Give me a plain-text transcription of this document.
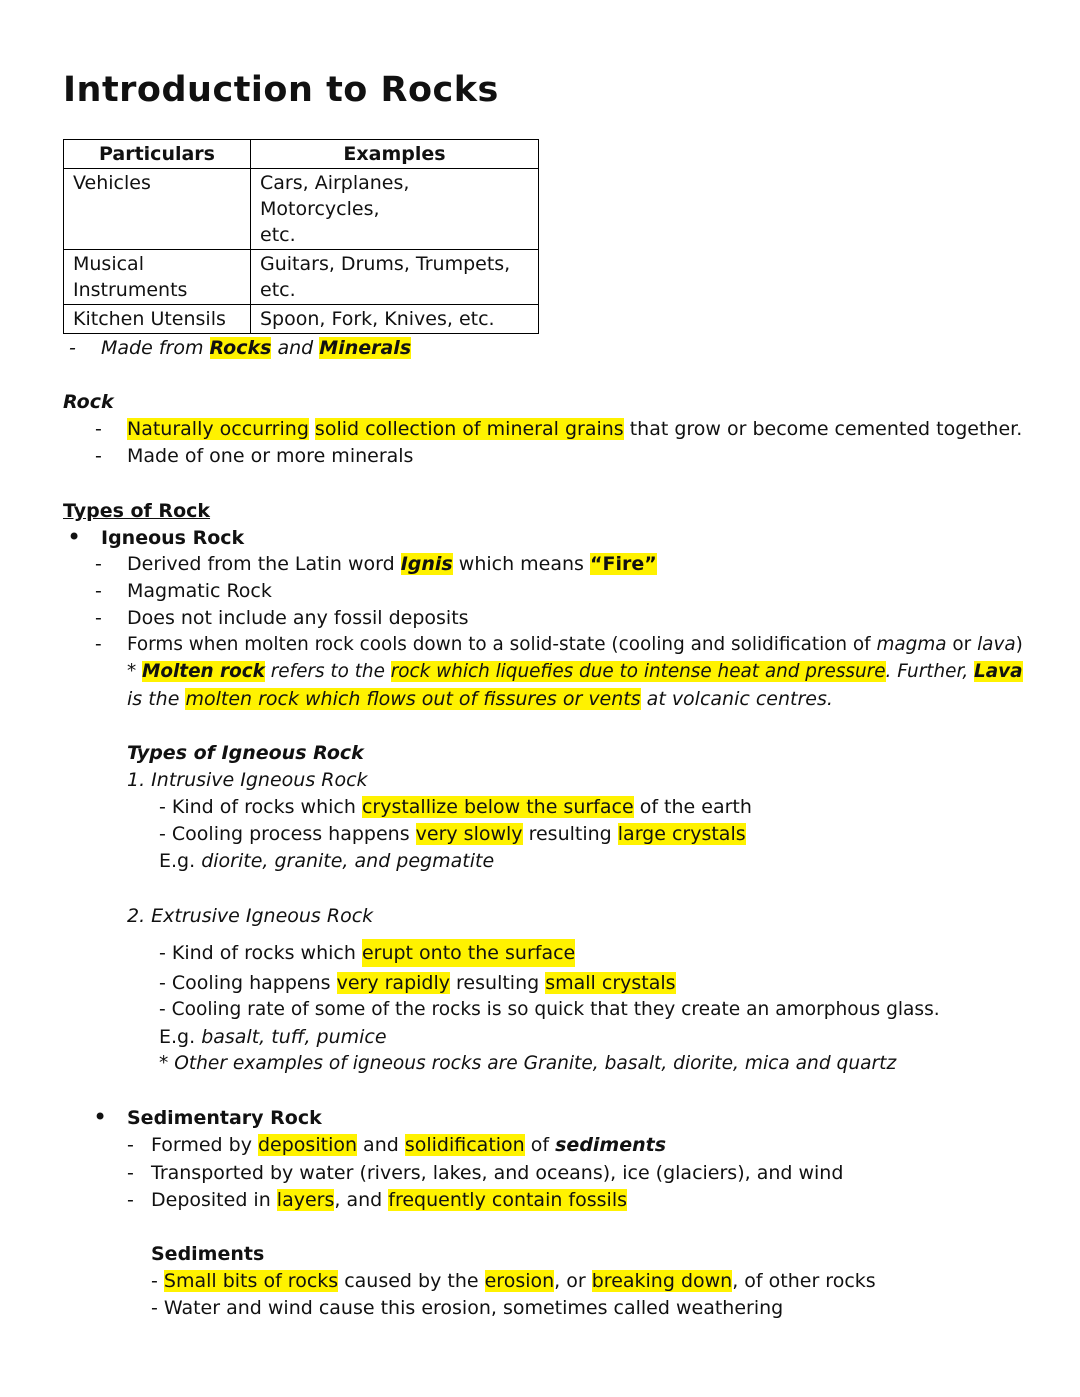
Introduction to Rocks
Particulars	Examples
Vehicles	Cars, Airplanes, Motorcycles,
etc.
Musical
Instruments	Guitars, Drums, Trumpets,
etc.
Kitchen Utensils	Spoon, Fork, Knives, etc.
- Made from Rocks and Minerals
Rock
- Naturally occurring solid collection of mineral grains that grow or become cemented together.
- Made of one or more minerals
Types of Rock
• Igneous Rock
- Derived from the Latin word Ignis which means “Fire”
- Magmatic Rock
- Does not include any fossil deposits
- Forms when molten rock cools down to a solid-state (cooling and solidification of magma or lava)
* Molten rock refers to the rock which liquefies due to intense heat and pressure. Further, Lava
is the molten rock which flows out of fissures or vents at volcanic centres.
Types of Igneous Rock
1. Intrusive Igneous Rock
- Kind of rocks which crystallize below the surface of the earth
- Cooling process happens very slowly resulting large crystals
E.g. diorite, granite, and pegmatite
2. Extrusive Igneous Rock
- Kind of rocks which erupt onto the surface
- Cooling happens very rapidly resulting small crystals
- Cooling rate of some of the rocks is so quick that they create an amorphous glass.
E.g. basalt, tuff, pumice
* Other examples of igneous rocks are Granite, basalt, diorite, mica and quartz
• Sedimentary Rock
- Formed by deposition and solidification of sediments
- Transported by water (rivers, lakes, and oceans), ice (glaciers), and wind
- Deposited in layers, and frequently contain fossils
Sediments
- Small bits of rocks caused by the erosion, or breaking down, of other rocks
- Water and wind cause this erosion, sometimes called weathering
